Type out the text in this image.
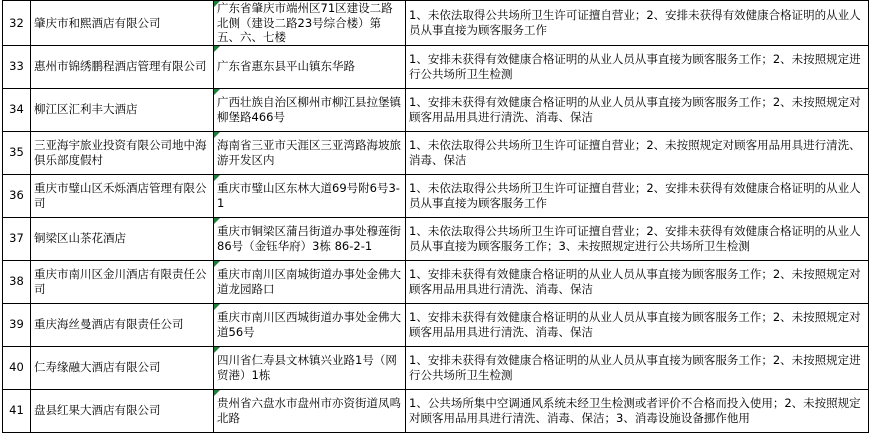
32	肇庆市和熙酒店有限公司	广东省肇庆市端州区71区建设二路北侧（建设二路23号综合楼）第五、六、七楼	1、未依法取得公共场所卫生许可证擅自营业；2、安排未获得有效健康合格证明的从业人员从事直接为顾客服务工作
33	惠州市锦绣鹏程酒店管理有限公司	广东省惠东县平山镇东华路	1、安排未获得有效健康合格证明的从业人员从事直接为顾客服务工作；2、未按照规定进行公共场所卫生检测
34	柳江区汇利丰大酒店	广西壮族自治区柳州市柳江县拉堡镇柳堡路466号	1、安排未获得有效健康合格证明的从业人员从事直接为顾客服务工作；2、未按照规定对顾客用品用具进行清洗、消毒、保洁
35	三亚海宇旅业投资有限公司地中海俱乐部度假村	海南省三亚市天涯区三亚湾路海坡旅游开发区内	1、未依法取得公共场所卫生许可证擅自营业；2、未按照规定对顾客用品用具进行清洗、消毒、保洁
36	重庆市璧山区禾烁酒店管理有限公司	重庆市璧山区东林大道69号附6号3-1	1、未依法取得公共场所卫生许可证擅自营业；2、安排未获得有效健康合格证明的从业人员从事直接为顾客服务工作
37	铜梁区山茶花酒店	重庆市铜梁区蒲吕街道办事处穆莲街86号（金钰华府）3栋 86-2-1	1、未依法取得公共场所卫生许可证擅自营业；2、安排未获得有效健康合格证明的从业人员从事直接为顾客服务工作；3、未按照规定进行公共场所卫生检测
38	重庆市南川区金川酒店有限责任公司	重庆市南川区南城街道办事处金佛大道龙园路口	1、安排未获得有效健康合格证明的从业人员从事直接为顾客服务工作；2、未按照规定对顾客用品用具进行清洗、消毒、保洁
39	重庆海丝曼酒店有限责任公司	重庆市南川区西城街道办事处金佛大道56号	1、安排未获得有效健康合格证明的从业人员从事直接为顾客服务工作；2、未按照规定对顾客用品用具进行清洗、消毒、保洁
40	仁寿缘融大酒店有限公司	四川省仁寿县文林镇兴业路1号（网贸港）1栋	1、安排未获得有效健康合格证明的从业人员从事直接为顾客服务工作；2、未按照规定进行公共场所卫生检测
41	盘县红果大酒店有限公司	贵州省六盘水市盘州市亦资街道凤鸣北路	1、公共场所集中空调通风系统未经卫生检测或者评价不合格而投入使用；2、未按照规定对顾客用品用具进行清洗、消毒、保洁；3、消毒设施设备挪作他用
